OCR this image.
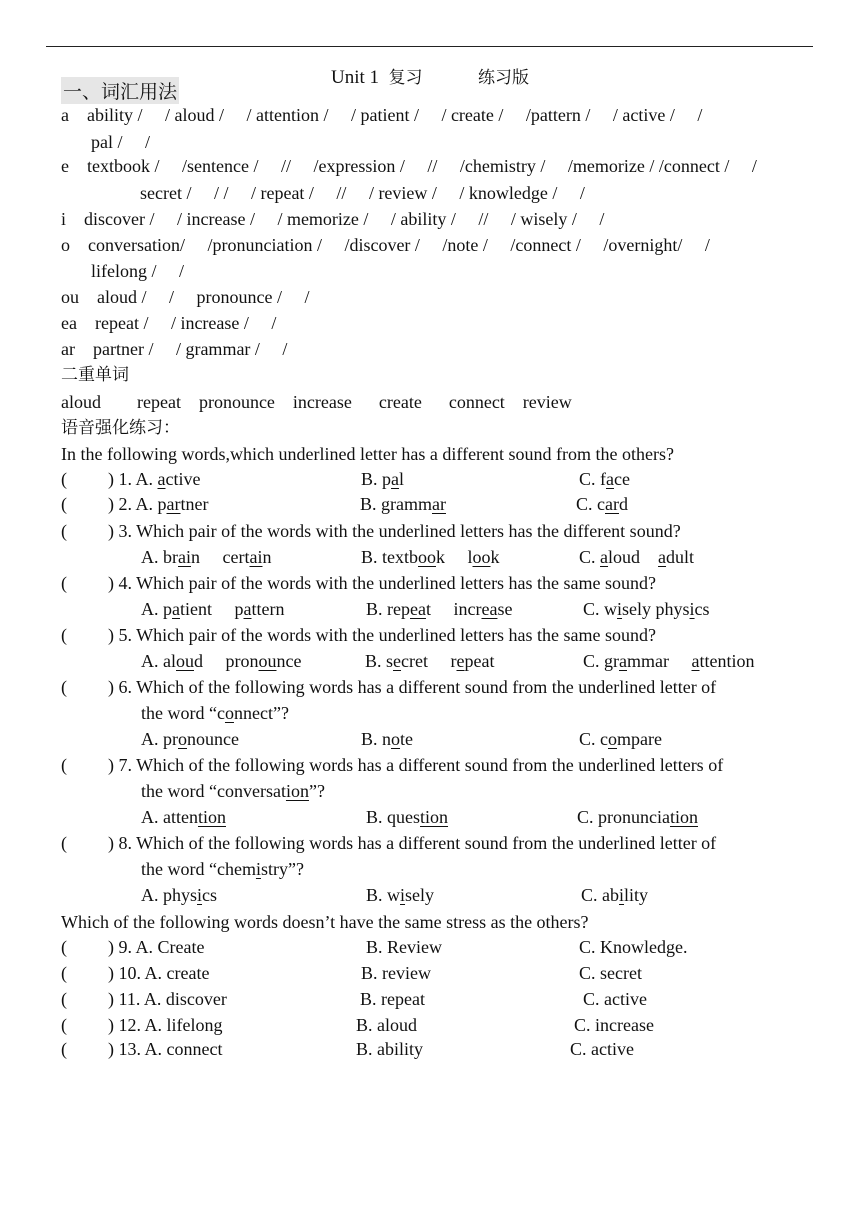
Unit 1 复习	练习版
一、词汇用法
a    ability /     / aloud /     / attention /     / patient /     / create /     /pattern /     / active /     /
pal /     /
e    textbook /     /sentence /     //     /expression /     //     /chemistry /     /memorize / /connect /     /
secret /     / /     / repeat /     //     / review /     / knowledge /     /
i    discover /     / increase /     / memorize /     / ability /     //     / wisely /     /
o    conversation/     /pronunciation /     /discover /     /note /     /connect /     /overnight/     /
lifelong /     /
ou    aloud /     /     pronounce /     /
ea    repeat /     / increase /     /
ar    partner /     / grammar /     /
二重单词
aloud        repeat    pronounce    increase      create      connect    review
语音强化练习：
In the following words,which underlined letter has a different sound from the others?
( ) 1. A. active	B. pal	C. face
( ) 2. A. partner	B. grammar	C. card
( ) 3. Which pair of the words with the underlined letters has the different sound?
A. brain     certain	B. textbook     look	C. aloud    adult
( ) 4. Which pair of the words with the underlined letters has the same sound?
A. patient     pattern	B. repeat     increase	C. wisely physics
( ) 5. Which pair of the words with the underlined letters has the same sound?
A. aloud     pronounce	B. secret     repeat	C. grammar     attention
( ) 6. Which of the following words has a different sound from the underlined letter of
the word “connect”?
A. pronounce	B. note	C. compare
( ) 7. Which of the following words has a different sound from the underlined letters of
the word “conversation”?
A. attention	B. question	C. pronunciation
( ) 8. Which of the following words has a different sound from the underlined letter of
the word “chemistry”?
A. physics	B. wisely	C. ability
Which of the following words doesn’t have the same stress as the others?
( ) 9. A. Create	B. Review	C. Knowledge.
( ) 10. A. create	B. review	C. secret
( ) 11. A. discover	B. repeat	C. active
( ) 12. A. lifelong	B. aloud	C. increase
( ) 13. A. connect	B. ability	C. active
